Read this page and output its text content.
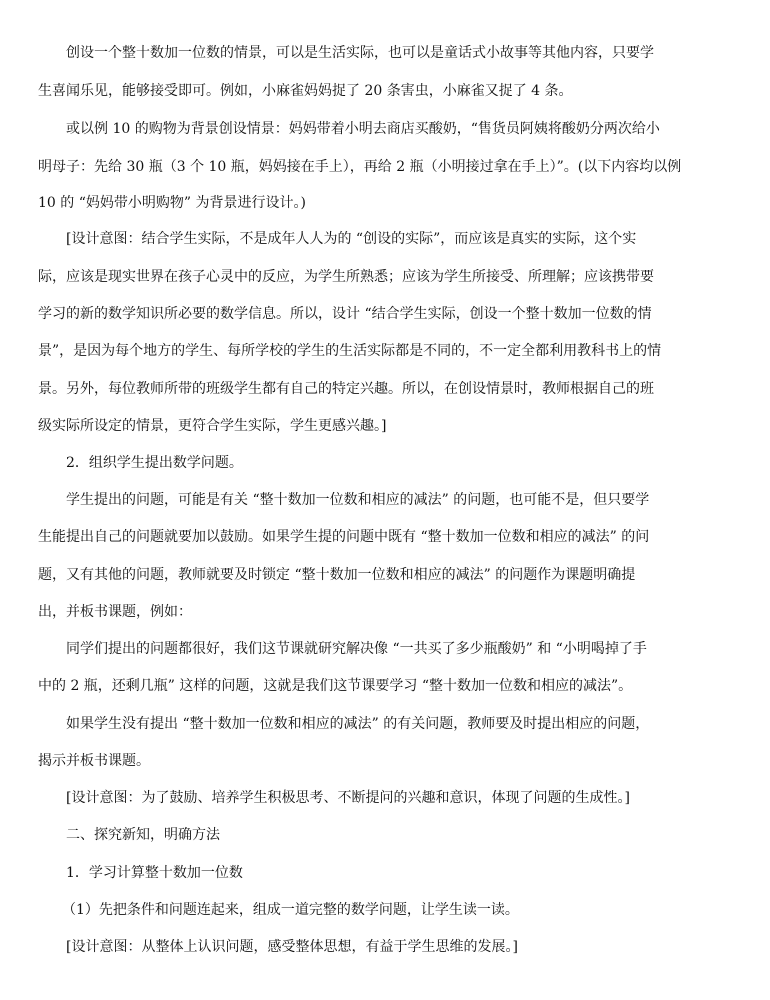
创设一个整十数加一位数的情景，可以是生活实际，也可以是童话式小故事等其他内容，只要学
生喜闻乐见，能够接受即可。例如，小麻雀妈妈捉了 20 条害虫，小麻雀又捉了 4 条。
或以例 10 的购物为背景创设情景：妈妈带着小明去商店买酸奶，“售货员阿姨将酸奶分两次给小
明母子：先给 30 瓶（3 个 10 瓶，妈妈接在手上），再给 2 瓶（小明接过拿在手上）”。(以下内容均以例
10 的 “妈妈带小明购物” 为背景进行设计。)
[设计意图：结合学生实际，不是成年人人为的 “创设的实际”，而应该是真实的实际，这个实
际，应该是现实世界在孩子心灵中的反应，为学生所熟悉；应该为学生所接受、所理解；应该携带要
学习的新的数学知识所必要的数学信息。所以，设计 “结合学生实际，创设一个整十数加一位数的情
景”，是因为每个地方的学生、每所学校的学生的生活实际都是不同的，不一定全都利用教科书上的情
景。另外，每位教师所带的班级学生都有自己的特定兴趣。所以，在创设情景时，教师根据自己的班
级实际所设定的情景，更符合学生实际，学生更感兴趣。]
2．组织学生提出数学问题。
学生提出的问题，可能是有关 “整十数加一位数和相应的减法” 的问题，也可能不是，但只要学
生能提出自己的问题就要加以鼓励。如果学生提的问题中既有 “整十数加一位数和相应的减法” 的问
题，又有其他的问题，教师就要及时锁定 “整十数加一位数和相应的减法” 的问题作为课题明确提
出，并板书课题，例如：
同学们提出的问题都很好，我们这节课就研究解决像 “一共买了多少瓶酸奶” 和 “小明喝掉了手
中的 2 瓶，还剩几瓶” 这样的问题，这就是我们这节课要学习 “整十数加一位数和相应的减法”。
如果学生没有提出 “整十数加一位数和相应的减法” 的有关问题，教师要及时提出相应的问题，
揭示并板书课题。
[设计意图：为了鼓励、培养学生积极思考、不断提问的兴趣和意识，体现了问题的生成性。]
二、探究新知，明确方法
1．学习计算整十数加一位数
（1）先把条件和问题连起来，组成一道完整的数学问题，让学生读一读。
[设计意图：从整体上认识问题，感受整体思想，有益于学生思维的发展。]
